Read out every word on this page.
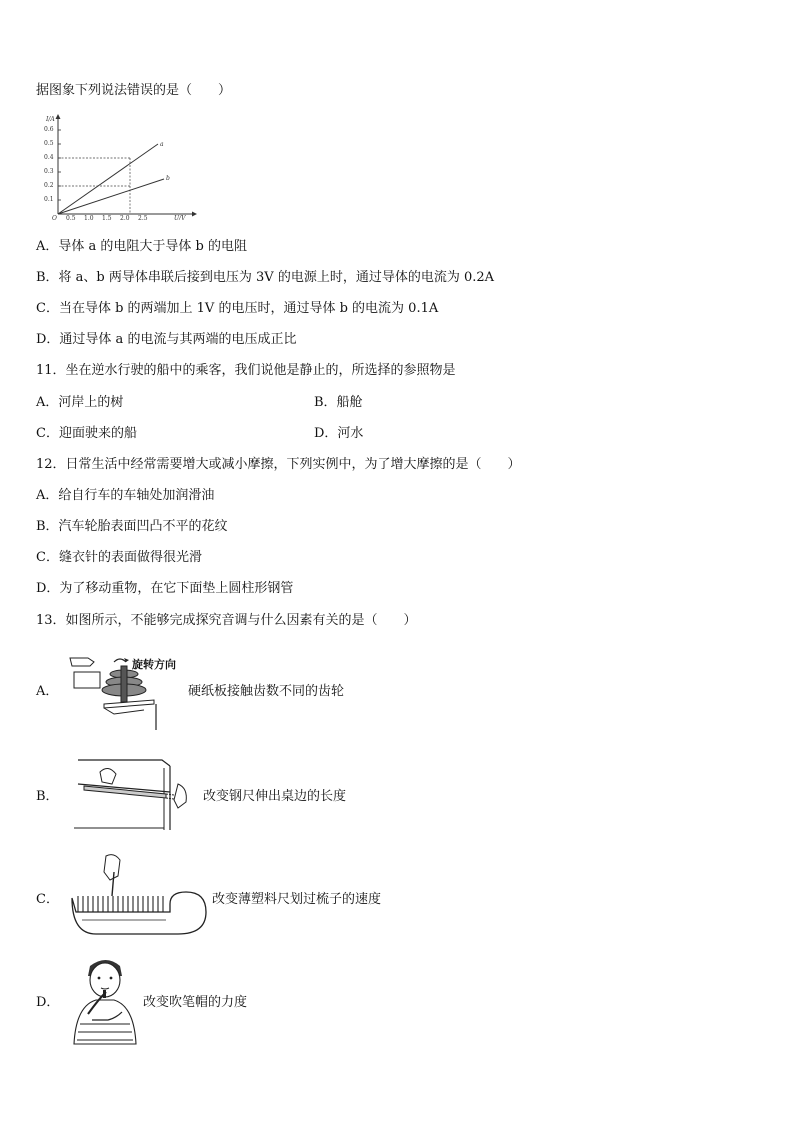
据图象下列说法错误的是（　　）
I/A
U/V
O
0.1
0.2
0.3
0.4
0.5
0.6
0.5 1.0 1.5 2.0 2.5
a
b
A．导体 a 的电阻大于导体 b 的电阻
B．将 a、b 两导体串联后接到电压为 3V 的电源上时，通过导体的电流为 0.2A
C．当在导体 b 的两端加上 1V 的电压时，通过导体 b 的电流为 0.1A
D．通过导体 a 的电流与其两端的电压成正比
11．坐在逆水行驶的船中的乘客，我们说他是静止的，所选择的参照物是
A．河岸上的树	B．船舱
C．迎面驶来的船	D．河水
12．日常生活中经常需要增大或减小摩擦，下列实例中，为了增大摩擦的是（　　）
A．给自行车的车轴处加润滑油
B．汽车轮胎表面凹凸不平的花纹
C．缝衣针的表面做得很光滑
D．为了移动重物，在它下面垫上圆柱形钢管
13．如图所示，不能够完成探究音调与什么因素有关的是（　　）
A．
旋转方向
硬纸板接触齿数不同的齿轮
B．	改变钢尺伸出桌边的长度
C．	改变薄塑料尺划过梳子的速度
D．	改变吹笔帽的力度
